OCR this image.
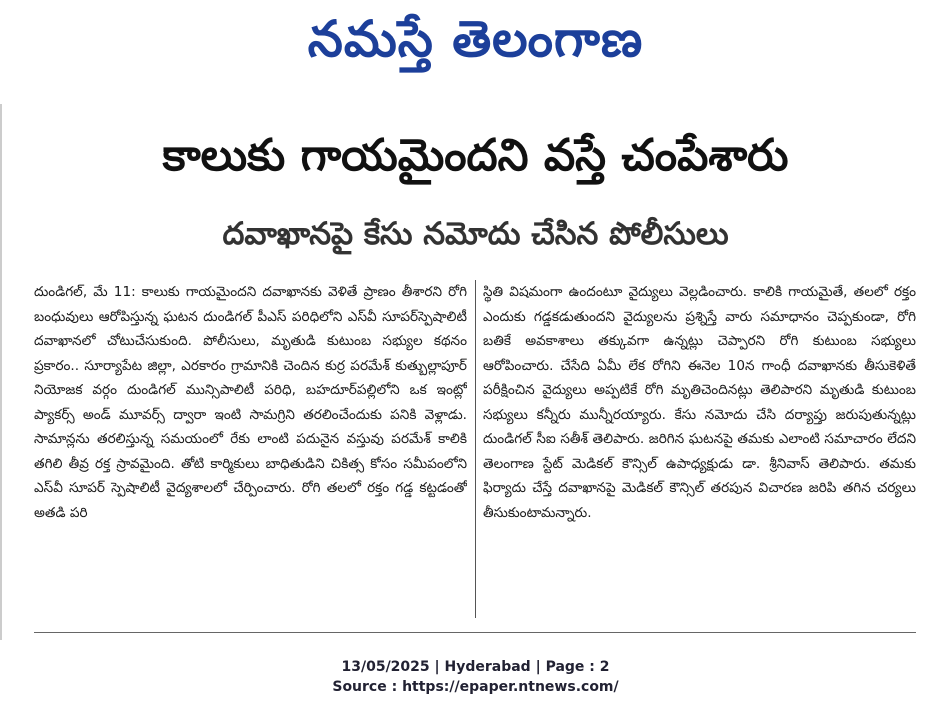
నమస్తే తెలంగాణ
కాలుకు గాయమైందని వస్తే చంపేశారు
దవాఖానపై కేసు నమోదు చేసిన పోలీసులు
దుండిగల్, మే 11: కాలుకు గాయమైందని దవాఖానకు వెళితే ప్రాణం తీశారని రోగి బంధువులు ఆరోపిస్తున్న ఘటన దుండిగల్ పీఎస్ పరిధిలోని ఎస్‌వీ సూపర్‌స్పెషాలిటీ దవాఖానలో చోటుచేసుకుంది. పోలీసులు, మృతుడి కుటుంబ సభ్యుల కథనం ప్రకారం.. సూర్యాపేట జిల్లా, ఎరకారం గ్రామానికి చెందిన కుర్ర పరమేశ్ కుత్బుల్లాపూర్ నియోజక వర్గం దుండిగల్ మున్సిపాలిటీ పరిధి, బహదూర్‌పల్లిలోని ఒక ఇంట్లో ప్యాకర్స్ అండ్ మూవర్స్ ద్వారా ఇంటి సామగ్రిని తరలించేందుకు పనికి వెళ్లాడు. సామాన్లను తరలిస్తున్న సమయంలో రేకు లాంటి పదునైన వస్తువు పరమేశ్ కాలికి తగిలి తీవ్ర రక్త స్రావమైంది. తోటి కార్మికులు బాధితుడిని చికిత్స కోసం సమీపంలోని ఎస్‌వీ సూపర్ స్పెషాలిటీ వైద్యశాలలో చేర్పించారు. రోగి తలలో రక్తం గడ్డ కట్టడంతో అతడి పరి
స్థితి విషమంగా ఉందంటూ వైద్యులు వెల్లడించారు. కాలికి గాయమైతే, తలలో రక్తం ఎందుకు గడ్డకడుతుందని వైద్యులను ప్రశ్నిస్తే వారు సమాధానం చెప్పకుండా, రోగి బతికే అవకాశాలు తక్కువగా ఉన్నట్లు చెప్పారని రోగి కుటుంబ సభ్యులు ఆరోపించారు. చేసేది ఏమీ లేక రోగిని ఈనెల 10న గాంధీ దవాఖానకు తీసుకెళితే పరీక్షించిన వైద్యులు అప్పటికే రోగి మృతిచెందినట్లు తెలిపారని మృతుడి కుటుంబ సభ్యులు కన్నీరు మున్నీరయ్యారు. కేసు నమోదు చేసి దర్యాప్తు జరుపుతున్నట్లు దుండిగల్ సీఐ సతీశ్ తెలిపారు. జరిగిన ఘటనపై తమకు ఎలాంటి సమాచారం లేదని తెలంగాణ స్టేట్ మెడికల్ కౌన్సిల్ ఉపాధ్యక్షుడు డా. శ్రీనివాస్ తెలిపారు. తమకు ఫిర్యాదు చేస్తే దవాఖానపై మెడికల్ కౌన్సిల్ తరపున విచారణ జరిపి తగిన చర్యలు తీసుకుంటామన్నారు.
13/05/2025 | Hyderabad | Page : 2
Source : https://epaper.ntnews.com/
